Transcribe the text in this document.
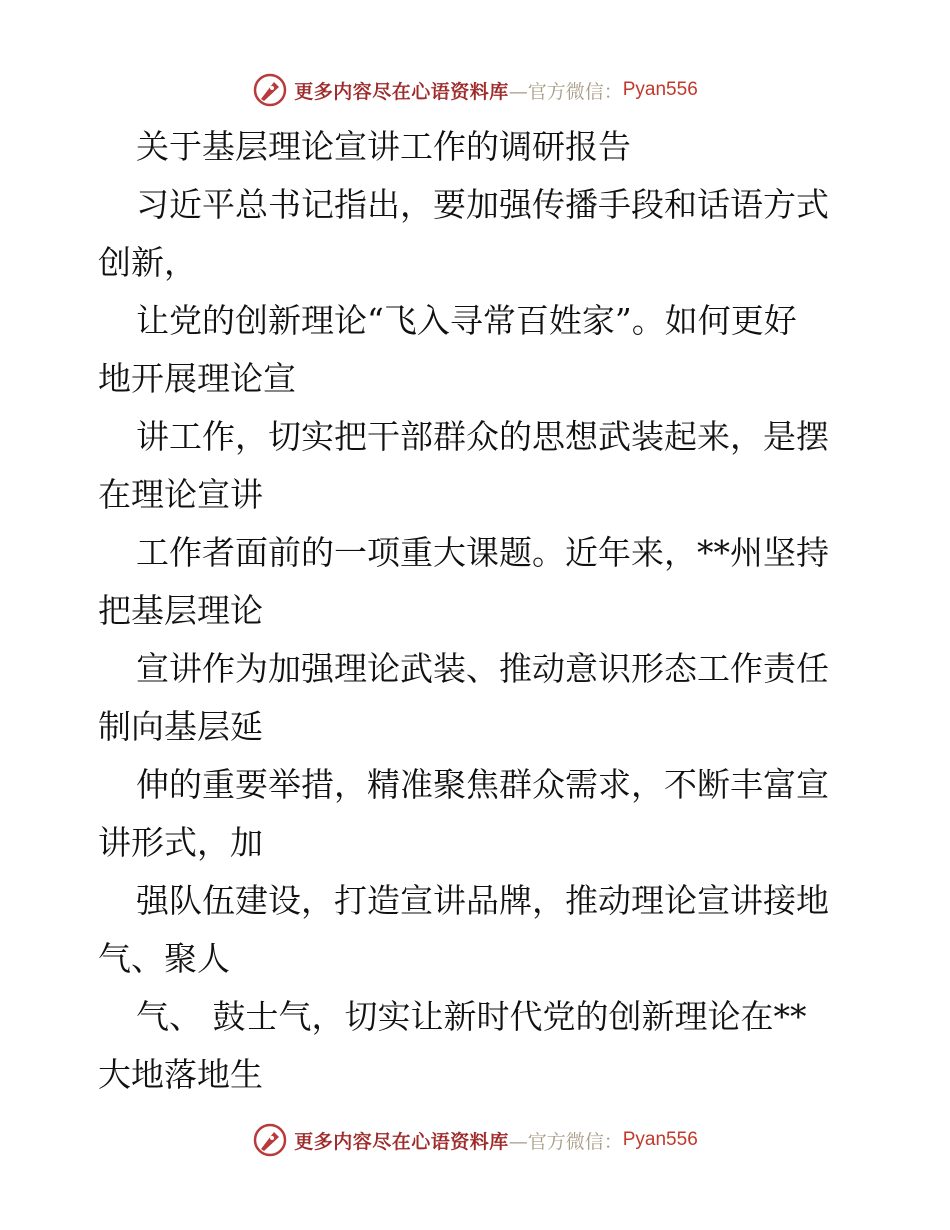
更多内容尽在心语资料库 —官方微信： Pyan556
关于基层理论宣讲工作的调研报告
习近平总书记指出，要加强传播手段和话语方式
创新，
让党的创新理论“飞入寻常百姓家”。如何更好
地开展理论宣
讲工作，切实把干部群众的思想武装起来，是摆
在理论宣讲
工作者面前的一项重大课题。近年来，**州坚持
把基层理论
宣讲作为加强理论武装、推动意识形态工作责任
制向基层延
伸的重要举措，精准聚焦群众需求，不断丰富宣
讲形式，加
强队伍建设，打造宣讲品牌，推动理论宣讲接地
气、聚人
气、 鼓士气，切实让新时代党的创新理论在**
大地落地生
更多内容尽在心语资料库 —官方微信： Pyan556
